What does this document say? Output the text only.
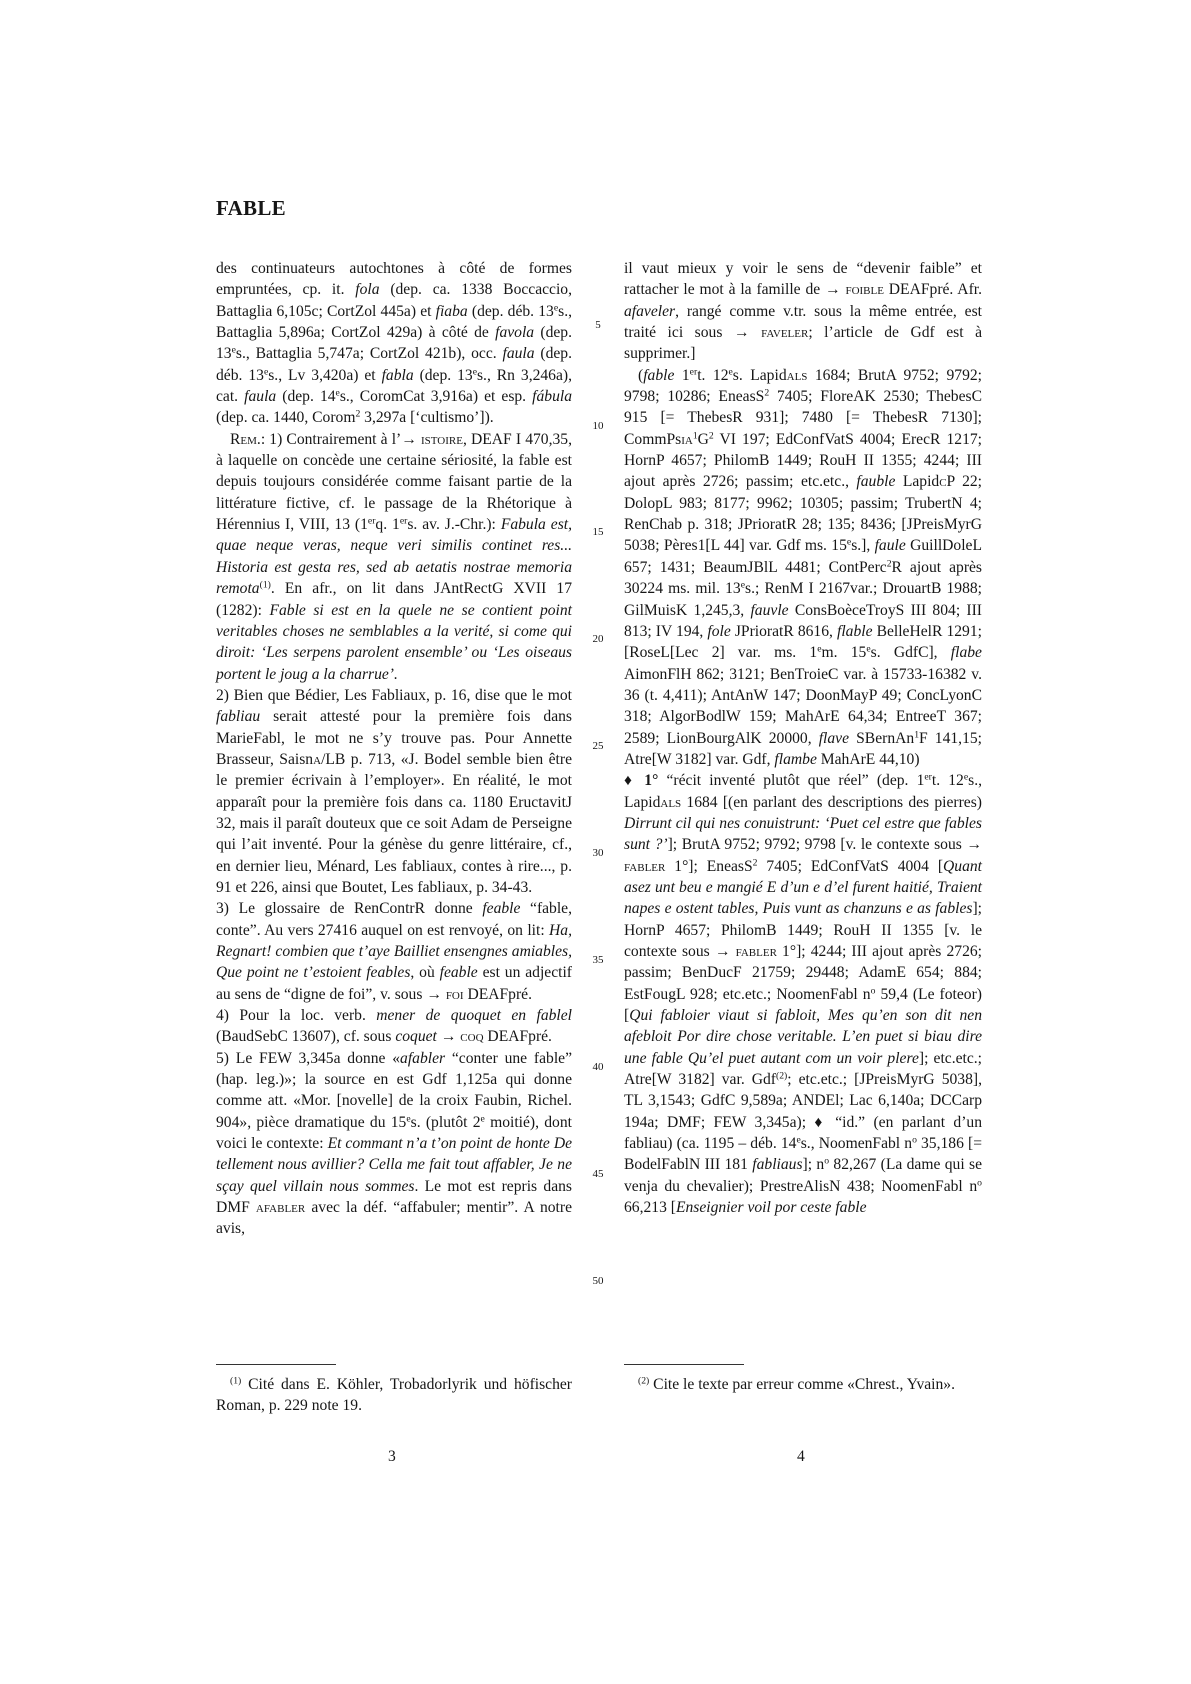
FABLE

des continuateurs autochtones à côté de formes empruntées, cp. it. fola (dep. ca. 1338 Boccaccio, Battaglia 6,105c; CortZol 445a) et fiaba (dep. déb. 13es., Battaglia 5,896a; CortZol 429a) à côté de favola (dep. 13es., Battaglia 5,747a; CortZol 421b), occ. faula (dep. déb. 13es., Lv 3,420a) et fabla (dep. 13es., Rn 3,246a), cat. faula (dep. 14es., CoromCat 3,916a) et esp. fábula (dep. ca. 1440, Corom$^2$ 3,297a [‘cultismo’]).

Rem.: 1) Contrairement à l’→ istoire, DEAF I 470,35, à laquelle on concède une certaine sériosité, la fable est depuis toujours considérée comme faisant partie de la littérature fictive, cf. le passage de la Rhétorique à Hérennius I, VIII, 13 (1erq. 1ers. av. J.-Chr.): Fabula est, quae neque veras, neque veri similis continet res... Historia est gesta res, sed ab aetatis nostrae memoria remota$^{(1)}$. En afr., on lit dans JAntRectG XVII 17 (1282): Fable si est en la quele ne se contient point veritables choses ne semblables a la verité, si come qui diroit: ‘Les serpens parolent ensemble’ ou ‘Les oiseaus portent le joug a la charrue’.

2) Bien que Bédier, Les Fabliaux, p. 16, dise que le mot fabliau serait attesté pour la première fois dans MarieFabl, le mot ne s’y trouve pas. Pour Annette Brasseur, Saisna/LB p. 713, «J. Bodel semble bien être le premier écrivain à l’employer». En réalité, le mot apparaît pour la première fois dans ca. 1180 EructavitJ 32, mais il paraît douteux que ce soit Adam de Perseigne qui l’ait inventé. Pour la génèse du genre littéraire, cf., en dernier lieu, Ménard, Les fabliaux, contes à rire..., p. 91 et 226, ainsi que Boutet, Les fabliaux, p. 34-43.

3) Le glossaire de RenContrR donne feable “fable, conte”. Au vers 27416 auquel on est renvoyé, on lit: Ha, Regnart! combien que t’aye Bailliet ensengnes amiables, Que point ne t’estoient feables, où feable est un adjectif au sens de “digne de foi”, v. sous → foi DEAFpré.

4) Pour la loc. verb. mener de quoquet en fablel (BaudSebC 13607), cf. sous coquet → coq DEAFpré.

5) Le FEW 3,345a donne «afabler “conter une fable” (hap. leg.)»; la source en est Gdf 1,125a qui donne comme att. «Mor. [novelle] de la croix Faubin, Richel. 904», pièce dramatique du 15es. (plutôt 2e moitié), dont voici le contexte: Et commant n’a t’on point de honte De tellement nous avillier? Cella me fait tout affabler, Je ne sçay quel villain nous sommes. Le mot est repris dans DMF afabler avec la déf. “affabuler; mentir”. A notre avis,

il vaut mieux y voir le sens de “devenir faible” et rattacher le mot à la famille de → foible DEAFpré. Afr. afaveler, rangé comme v.tr. sous la même entrée, est traité ici sous → faveler; l’article de Gdf est à supprimer.]

(fable 1ert. 12es. Lapidals 1684; BrutA 9752; 9792; 9798; 10286; EneasS$^2$ 7405; FloreAK 2530; ThebesC 915 [= ThebesR 931]; 7480 [= ThebesR 7130]; $CommPsia^1G^2$ VI 197; EdConfVatS 4004; ErecR 1217; HornP 4657; PhilomB 1449; RouH II 1355; 4244; III ajout après 2726; passim; etc.etc., fauble LapidcP 22; DolopL 983; 8177; 9962; 10305; passim; TrubertN 4; RenChab p. 318; JPrioratR 28; 135; 8436; [JPreisMyrG 5038; Pères1[L 44] var. Gdf ms. 15es.], faule GuillDoleL 657; 1431; BeaumJBlL 4481; ContPerc$^2$R ajout après 30224 ms. mil. 13es.; RenM I 2167var.; DrouartB 1988; GilMuisK 1,245,3, fauvle ConsBoèceTroyS III 804; III 813; IV 194, fole JPrioratR 8616, flable BelleHelR 1291; [RoseL[Lec 2] var. ms. 1em. 15es. GdfC], flabe AimonFlH 862; 3121; BenTroieC var. à 15733-16382 v. 36 (t. 4,411); AntAnW 147; DoonMayP 49; ConcLyonC 318; AlgorBodlW 159; MahArE 64,34; EntreeT 367; 2589; LionBourgAlK 20000, flave SBernAn$^1$F 141,15; Atre[W 3182] var. Gdf, flambe MahArE 44,10)

♦ 1° “récit inventé plutôt que réel” (dep. 1ert. 12es., Lapidals 1684 [(en parlant des descriptions des pierres) Dirrunt cil qui nes conuistrunt: ‘Puet cel estre que fables sunt ?’]; BrutA 9752; 9792; 9798 [v. le contexte sous → fabler 1°]; EneasS$^2$ 7405; EdConfVatS 4004 [Quant asez unt beu e mangié E d’un e d’el furent haitié, Traient napes e ostent tables, Puis vunt as chanzuns e as fables]; HornP 4657; PhilomB 1449; RouH II 1355 [v. le contexte sous → fabler 1°]; 4244; III ajout après 2726; passim; BenDucF 21759; 29448; AdamE 654; 884; EstFougL 928; etc.etc.; NoomenFabl $n^o$ 59,4 (Le foteor) [Qui fabloier viaut si fabloit, Mes qu’en son dit nen afebloit Por dire chose veritable. L’en puet si biau dire une fable Qu’el puet autant com un voir plere]; etc.etc.; Atre[W 3182] var. Gdf$^{(2)}$; etc.etc.; [JPreisMyrG 5038], TL 3,1543; GdfC 9,589a; ANDEl; Lac 6,140a; DCCarp 194a; DMF; FEW 3,345a); ♦ “id.” (en parlant d’un fabliau) (ca. 1195 – déb. 14es., NoomenFabl $n^o$ 35,186 [= BodelFablN III 181 fabliaus]; $n^o$ 82,267 (La dame qui se venja du chevalier); PrestreAlisN 438; NoomenFabl $n^o$ 66,213 [Enseignier voil por ceste fable

5
10
15
20
25
30
35
40
45
50
$^{(1)}$ Cité dans E. Köhler, Trobadorlyrik und höfischer Roman, p. 229 note 19.
$^{(2)}$ Cite le texte par erreur comme «Chrest., Yvain».
3	4
